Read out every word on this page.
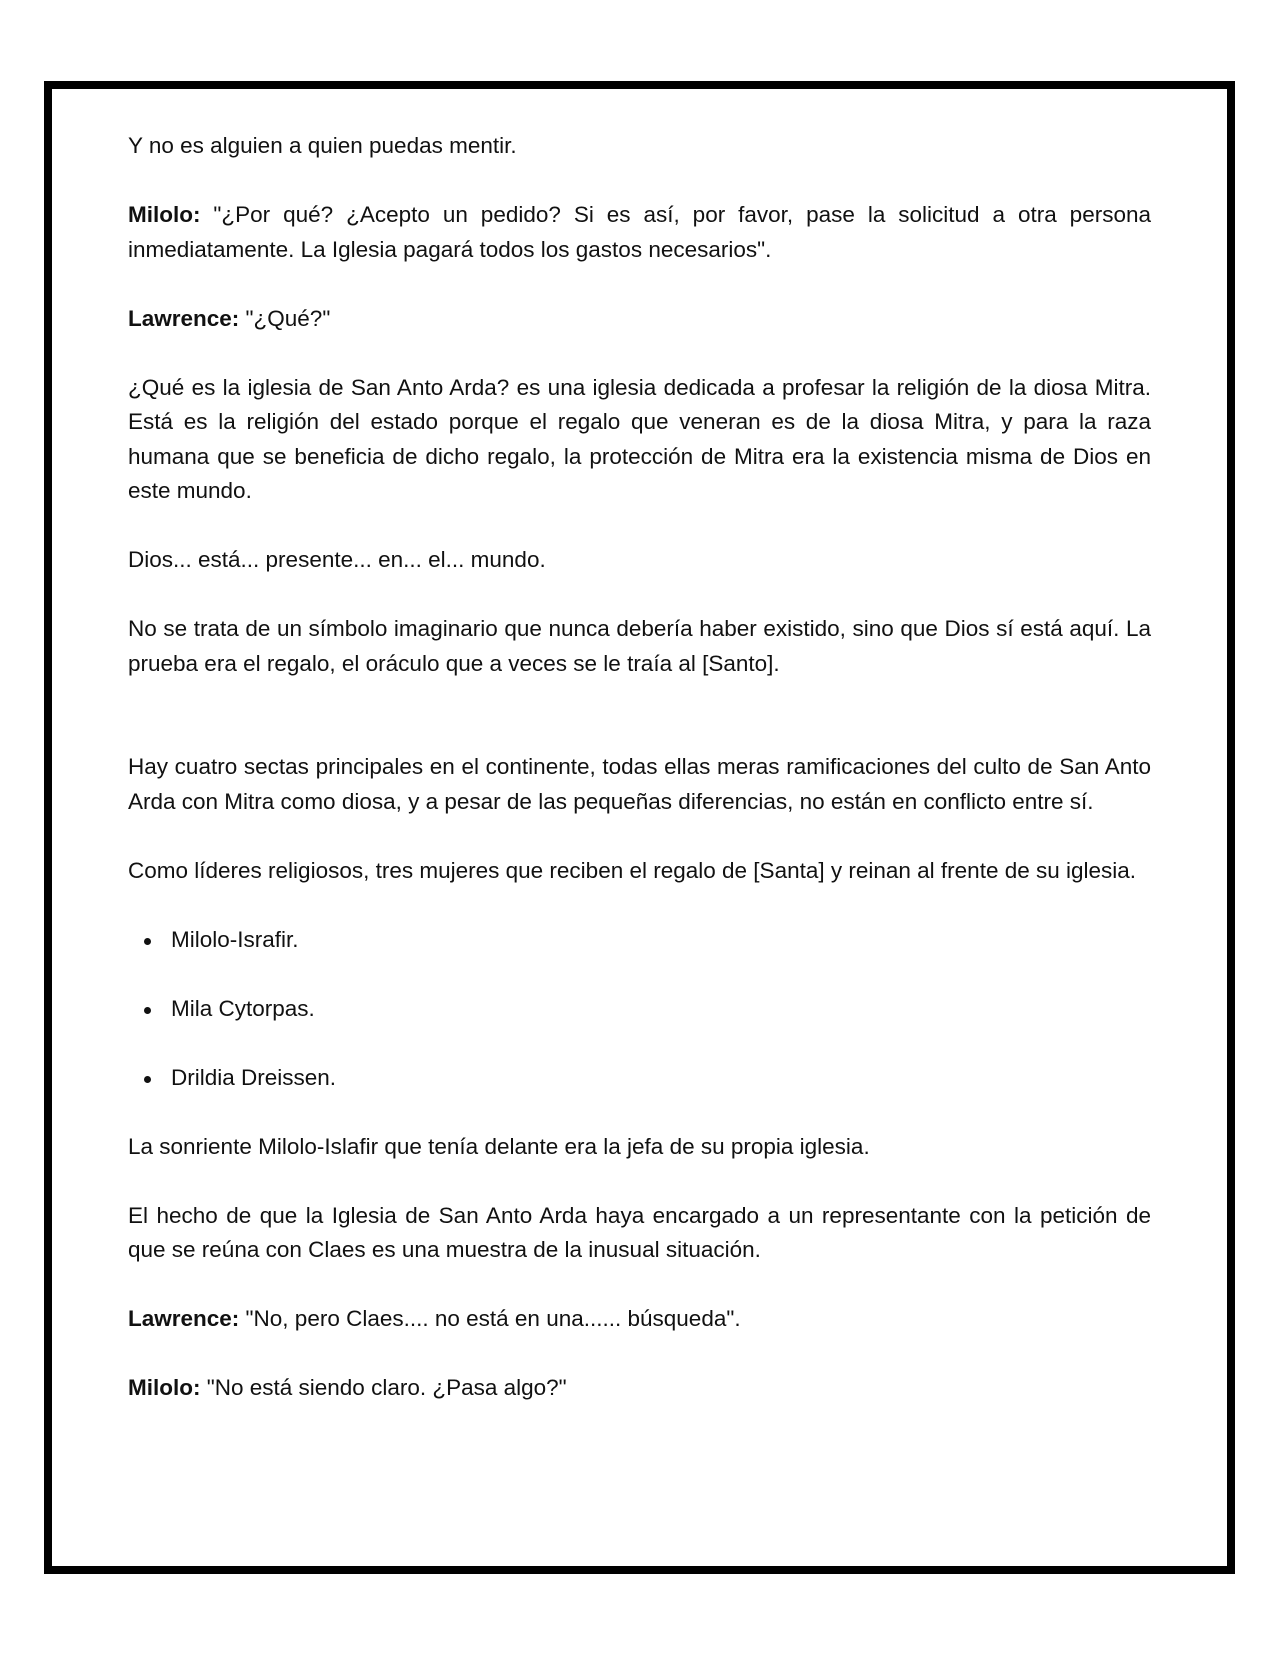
Y no es alguien a quien puedas mentir.

Milolo: "¿Por qué? ¿Acepto un pedido? Si es así, por favor, pase la solicitud a otra persona inmediatamente. La Iglesia pagará todos los gastos necesarios".

Lawrence: "¿Qué?"

¿Qué es la iglesia de San Anto Arda? es una iglesia dedicada a profesar la religión de la diosa Mitra. Está es la religión del estado porque el regalo que veneran es de la diosa Mitra, y para la raza humana que se beneficia de dicho regalo, la protección de Mitra era la existencia misma de Dios en este mundo.

Dios... está... presente... en... el... mundo.

No se trata de un símbolo imaginario que nunca debería haber existido, sino que Dios sí está aquí. La prueba era el regalo, el oráculo que a veces se le traía al [Santo].

Hay cuatro sectas principales en el continente, todas ellas meras ramificaciones del culto de San Anto Arda con Mitra como diosa, y a pesar de las pequeñas diferencias, no están en conflicto entre sí.

Como líderes religiosos, tres mujeres que reciben el regalo de [Santa] y reinan al frente de su iglesia.

Milolo-Israfir.
Mila Cytorpas.
Drildia Dreissen.

La sonriente Milolo-Islafir que tenía delante era la jefa de su propia iglesia.

El hecho de que la Iglesia de San Anto Arda haya encargado a un representante con la petición de que se reúna con Claes es una muestra de la inusual situación.

Lawrence: "No, pero Claes.... no está en una...... búsqueda".

Milolo: "No está siendo claro. ¿Pasa algo?"
